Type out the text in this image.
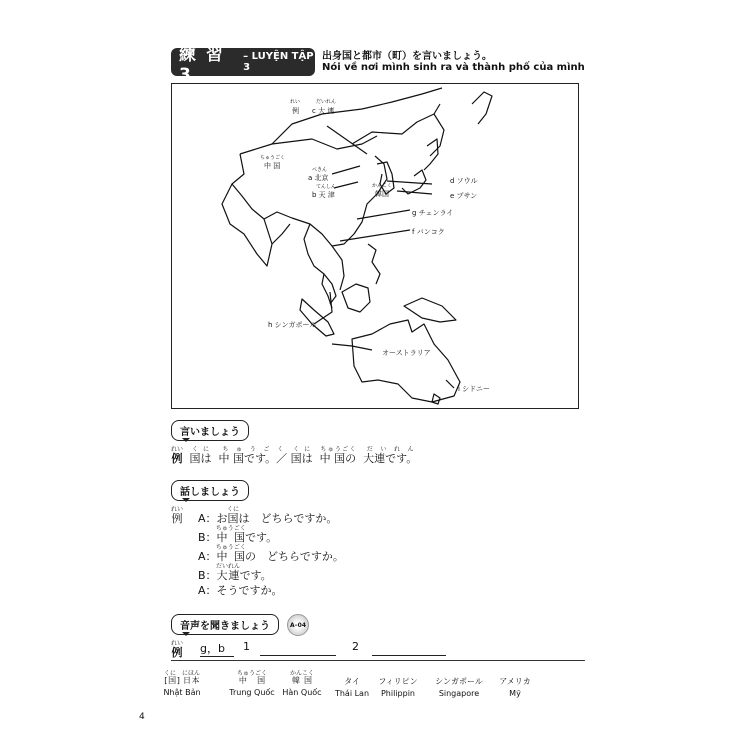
練 習 3
– LUYỆN TẬP 3
出身国と都市（町）を言いましょう。
Nói về nơi mình sinh ra và thành phố của mình
れい
例
だいれん
c 大 連
ちゅうごく
中 国	ぺきん
a 北京
てんしん
b 天 津
かんこく
韓国
d ソウル
e プサン
g チェンライ
f バンコク
h シンガポール
オーストラリア
i シドニー
言いましょう
例れい  国はくに  中 国です。／ちゅうごく 国はくに  中 国のちゅうごく  大連です。だいれん
話しましょう
例れい
A：お国くには　どちらですか。
B：中 国ちゅうごくです。
A：中 国ちゅうごくの　どちらですか。
B：大連だいれんです。
A：そうですか。
音声を聞きましょう	A–04
例れい g，b	1	2
[国] 日本くに　にほん
Nhật Bản
中 国ちゅうごく
Trung Quốc
韓国かんこく
Hàn Quốc
タイ
Thái Lan
フィリピン
Philippin
シンガポール
Singapore
アメリカ
Mỹ
4
